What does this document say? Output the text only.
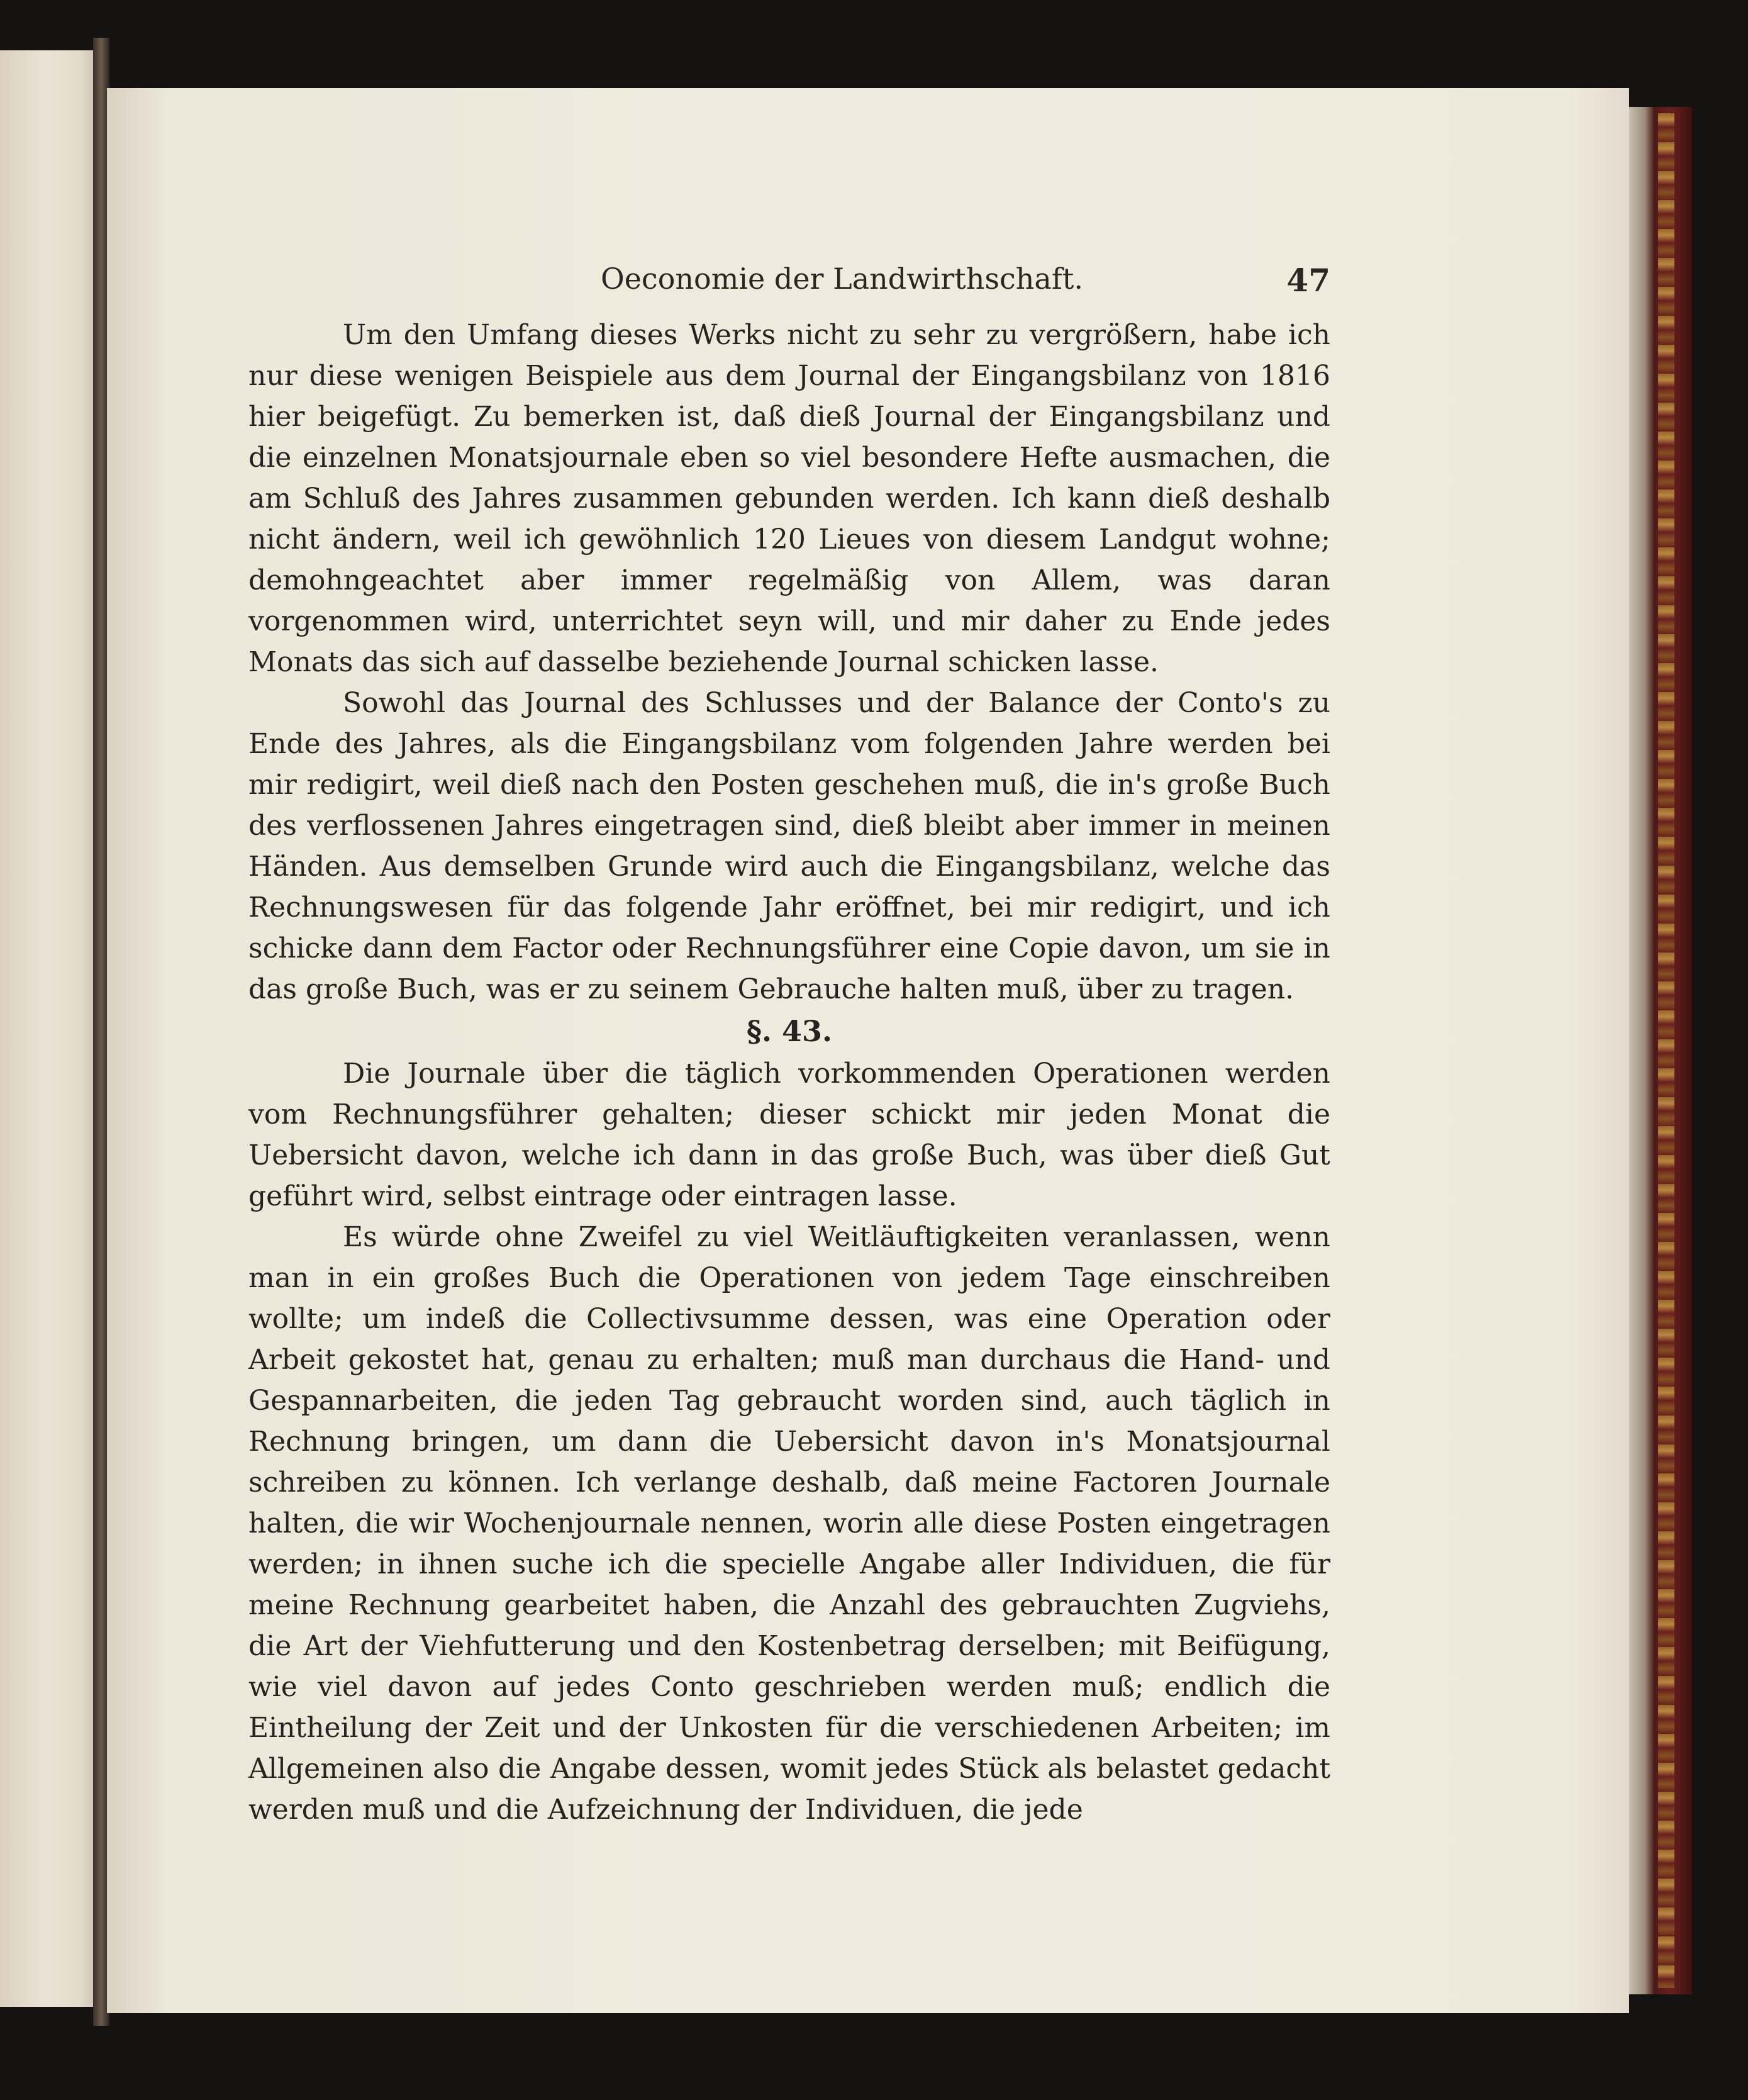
Oeconomie der Landwirthschaft.	47

Um den Umfang dieses Werks nicht zu sehr zu vergrößern, habe ich nur diese wenigen Beispiele aus dem Journal der Eingangsbilanz von 1816 hier beigefügt. Zu bemerken ist, daß dieß Journal der Eingangsbilanz und die einzelnen Monatsjournale eben so viel besondere Hefte ausmachen, die am Schluß des Jahres zusammen gebunden werden. Ich kann dieß deshalb nicht ändern, weil ich gewöhnlich 120 Lieues von diesem Landgut wohne; demohngeachtet aber immer regelmäßig von Allem, was daran vorgenommen wird, unterrichtet seyn will, und mir daher zu Ende jedes Monats das sich auf dasselbe beziehende Journal schicken lasse.

Sowohl das Journal des Schlusses und der Balance der Conto's zu Ende des Jahres, als die Eingangsbilanz vom folgenden Jahre werden bei mir redigirt, weil dieß nach den Posten geschehen muß, die in's große Buch des verflossenen Jahres eingetragen sind, dieß bleibt aber immer in meinen Händen. Aus demselben Grunde wird auch die Eingangsbilanz, welche das Rechnungswesen für das folgende Jahr eröffnet, bei mir redigirt, und ich schicke dann dem Factor oder Rechnungsführer eine Copie davon, um sie in das große Buch, was er zu seinem Gebrauche halten muß, über zu tragen.

§. 43.

Die Journale über die täglich vorkommenden Operationen werden vom Rechnungsführer gehalten; dieser schickt mir jeden Monat die Uebersicht davon, welche ich dann in das große Buch, was über dieß Gut geführt wird, selbst eintrage oder eintragen lasse.

Es würde ohne Zweifel zu viel Weitläuftigkeiten veranlassen, wenn man in ein großes Buch die Operationen von jedem Tage einschreiben wollte; um indeß die Collectivsumme dessen, was eine Operation oder Arbeit gekostet hat, genau zu erhalten; muß man durchaus die Hand- und Gespannarbeiten, die jeden Tag gebraucht worden sind, auch täglich in Rechnung bringen, um dann die Uebersicht davon in's Monatsjournal schreiben zu können. Ich verlange deshalb, daß meine Factoren Journale halten, die wir Wochenjournale nennen, worin alle diese Posten eingetragen werden; in ihnen suche ich die specielle Angabe aller Individuen, die für meine Rechnung gearbeitet haben, die Anzahl des gebrauchten Zugviehs, die Art der Viehfutterung und den Kostenbetrag derselben; mit Beifügung, wie viel davon auf jedes Conto geschrieben werden muß; endlich die Eintheilung der Zeit und der Unkosten für die verschiedenen Arbeiten; im Allgemeinen also die Angabe dessen, womit jedes Stück als belastet gedacht werden muß und die Aufzeichnung der Individuen, die jede
